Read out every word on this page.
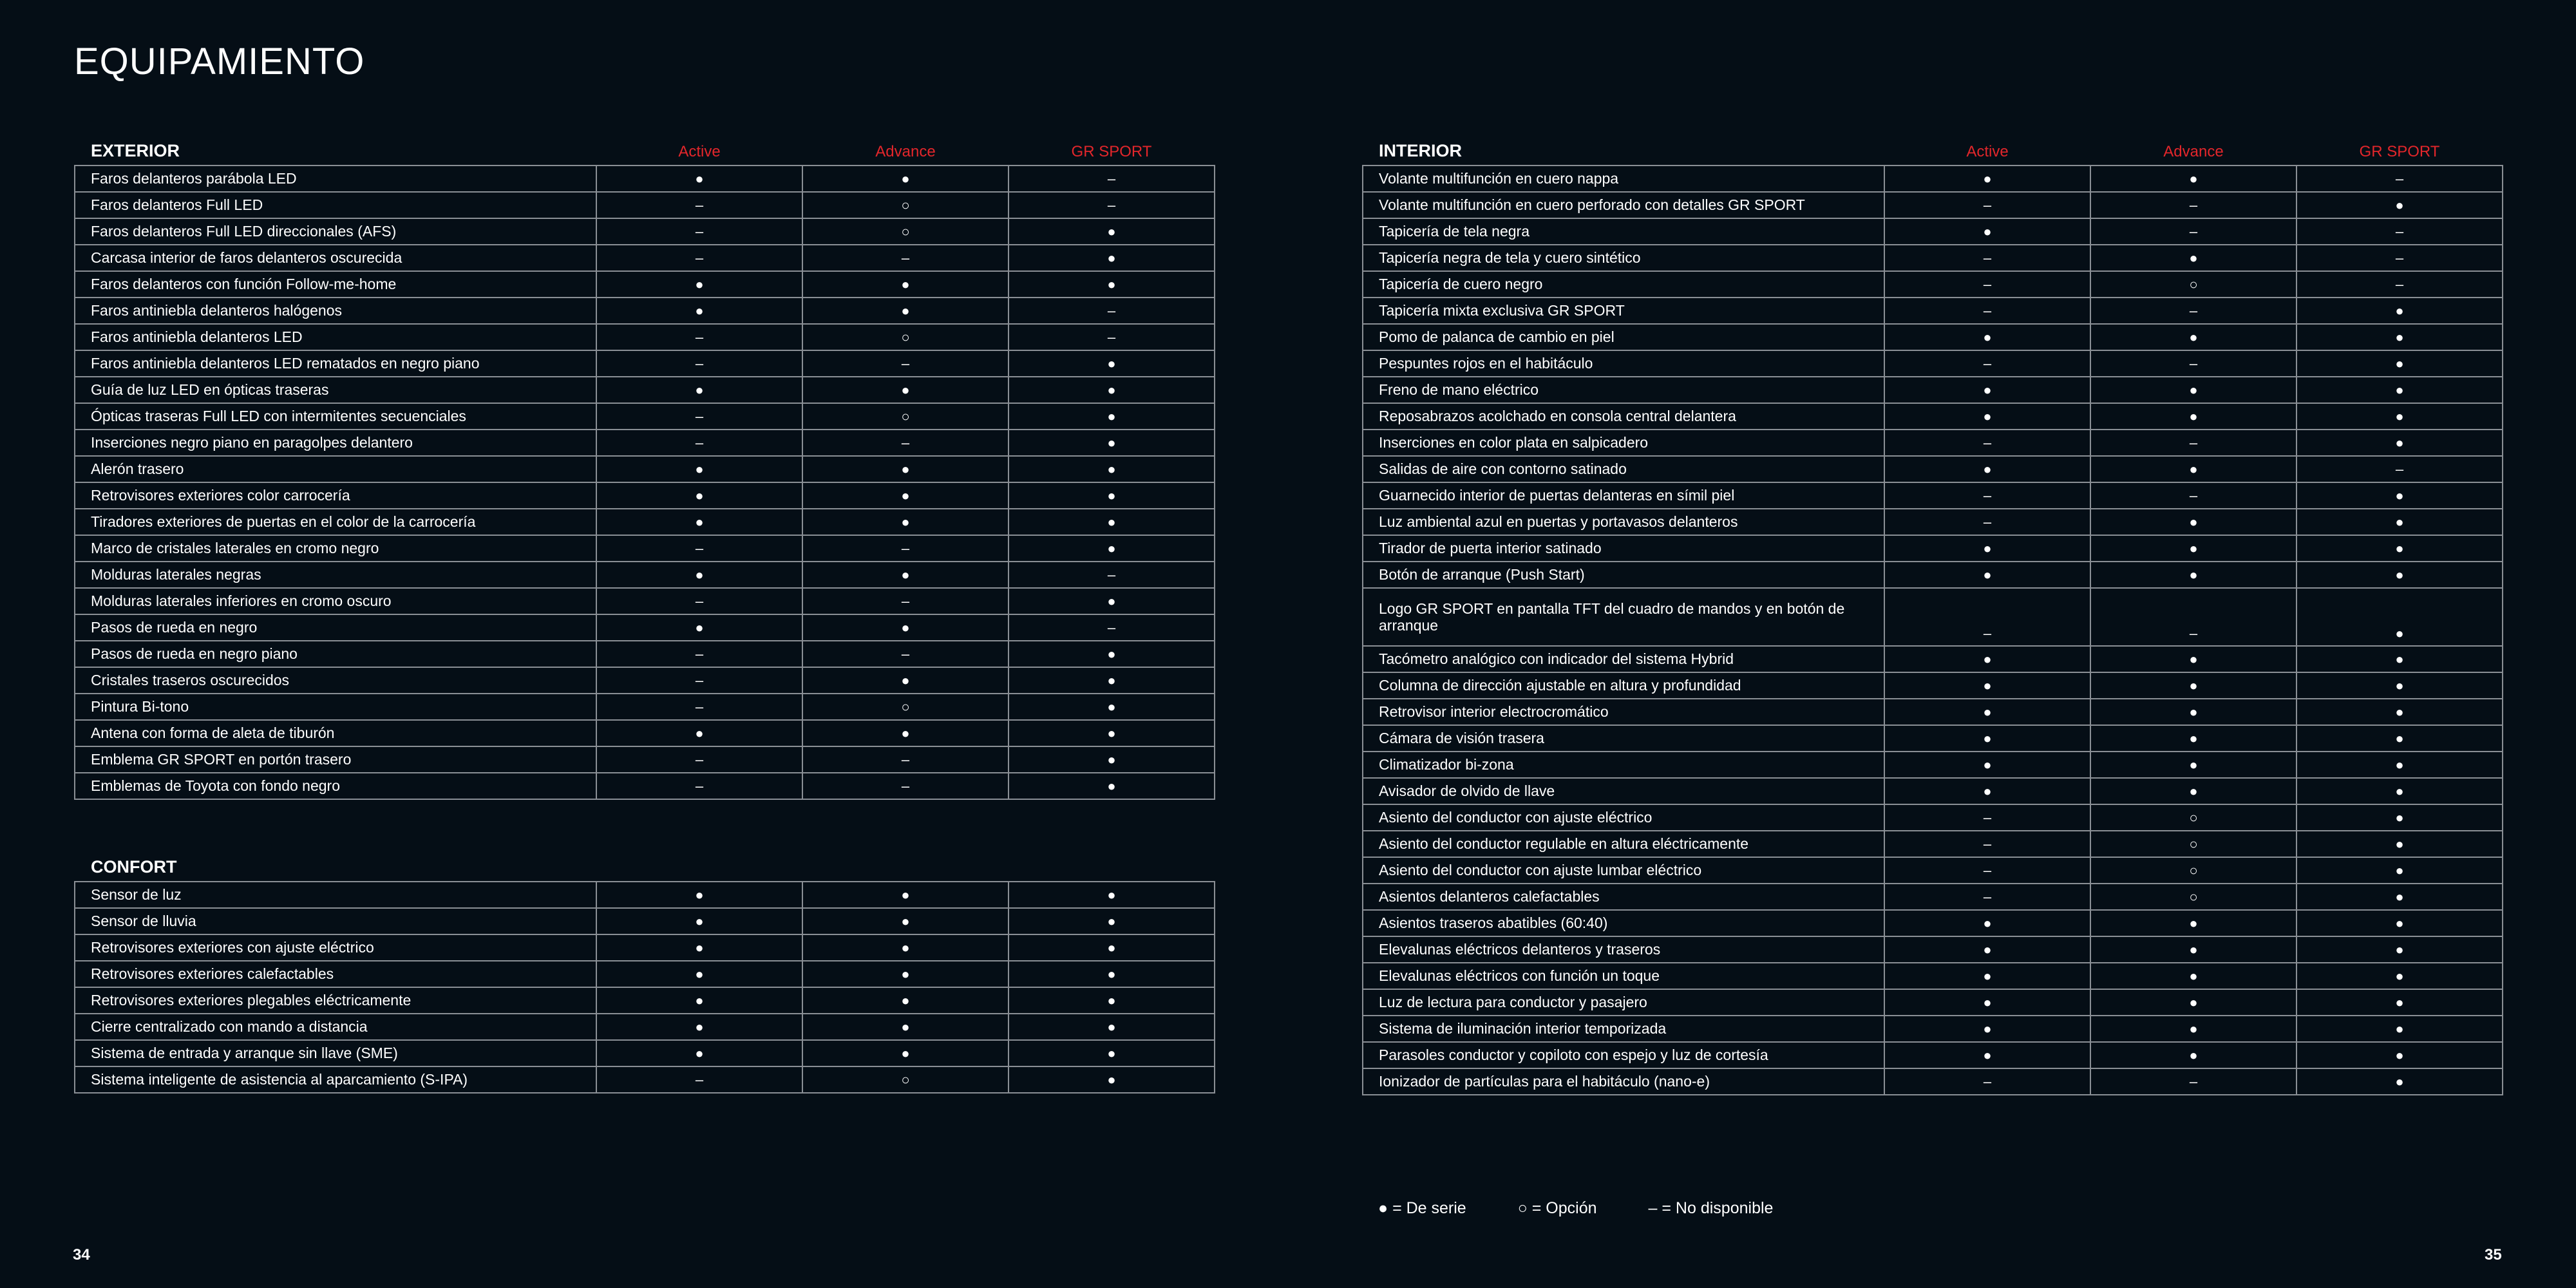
EQUIPAMIENTO
EXTERIOR	Active	Advance	GR SPORT
Faros delanteros parábola LED	●	●	–
Faros delanteros Full LED	–	○	–
Faros delanteros Full LED direccionales (AFS)	–	○	●
Carcasa interior de faros delanteros oscurecida	–	–	●
Faros delanteros con función Follow-me-home	●	●	●
Faros antiniebla delanteros halógenos	●	●	–
Faros antiniebla delanteros LED	–	○	–
Faros antiniebla delanteros LED rematados en negro piano	–	–	●
Guía de luz LED en ópticas traseras	●	●	●
Ópticas traseras Full LED con intermitentes secuenciales	–	○	●
Inserciones negro piano en paragolpes delantero	–	–	●
Alerón trasero	●	●	●
Retrovisores exteriores color carrocería	●	●	●
Tiradores exteriores de puertas en el color de la carrocería	●	●	●
Marco de cristales laterales en cromo negro	–	–	●
Molduras laterales negras	●	●	–
Molduras laterales inferiores en cromo oscuro	–	–	●
Pasos de rueda en negro	●	●	–
Pasos de rueda en negro piano	–	–	●
Cristales traseros oscurecidos	–	●	●
Pintura Bi-tono	–	○	●
Antena con forma de aleta de tiburón	●	●	●
Emblema GR SPORT en portón trasero	–	–	●
Emblemas de Toyota con fondo negro	–	–	●
CONFORT			
Sensor de luz	●	●	●
Sensor de lluvia	●	●	●
Retrovisores exteriores con ajuste eléctrico	●	●	●
Retrovisores exteriores calefactables	●	●	●
Retrovisores exteriores plegables eléctricamente	●	●	●
Cierre centralizado con mando a distancia	●	●	●
Sistema de entrada y arranque sin llave (SME)	●	●	●
Sistema inteligente de asistencia al aparcamiento (S-IPA)	–	○	●
INTERIOR	Active	Advance	GR SPORT
Volante multifunción en cuero nappa	●	●	–
Volante multifunción en cuero perforado con detalles GR SPORT	–	–	●
Tapicería de tela negra	●	–	–
Tapicería negra de tela y cuero sintético	–	●	–
Tapicería de cuero negro	–	○	–
Tapicería mixta exclusiva GR SPORT	–	–	●
Pomo de palanca de cambio en piel	●	●	●
Pespuntes rojos en el habitáculo	–	–	●
Freno de mano eléctrico	●	●	●
Reposabrazos acolchado en consola central delantera	●	●	●
Inserciones en color plata en salpicadero	–	–	●
Salidas de aire con contorno satinado	●	●	–
Guarnecido interior de puertas delanteras en símil piel	–	–	●
Luz ambiental azul en puertas y portavasos delanteros	–	●	●
Tirador de puerta interior satinado	●	●	●
Botón de arranque (Push Start)	●	●	●
Logo GR SPORT en pantalla TFT del cuadro de mandos y en botón de arranque	–	–	●
Tacómetro analógico con indicador del sistema Hybrid	●	●	●
Columna de dirección ajustable en altura y profundidad	●	●	●
Retrovisor interior electrocromático	●	●	●
Cámara de visión trasera	●	●	●
Climatizador bi-zona	●	●	●
Avisador de olvido de llave	●	●	●
Asiento del conductor con ajuste eléctrico	–	○	●
Asiento del conductor regulable en altura eléctricamente	–	○	●
Asiento del conductor con ajuste lumbar eléctrico	–	○	●
Asientos delanteros calefactables	–	○	●
Asientos traseros abatibles (60:40)	●	●	●
Elevalunas eléctricos delanteros y traseros	●	●	●
Elevalunas eléctricos con función un toque	●	●	●
Luz de lectura para conductor y pasajero	●	●	●
Sistema de iluminación interior temporizada	●	●	●
Parasoles conductor y copiloto con espejo y luz de cortesía	●	●	●
Ionizador de partículas para el habitáculo (nano-e)	–	–	●
● = De serie	○ = Opción	– = No disponible
34	35
